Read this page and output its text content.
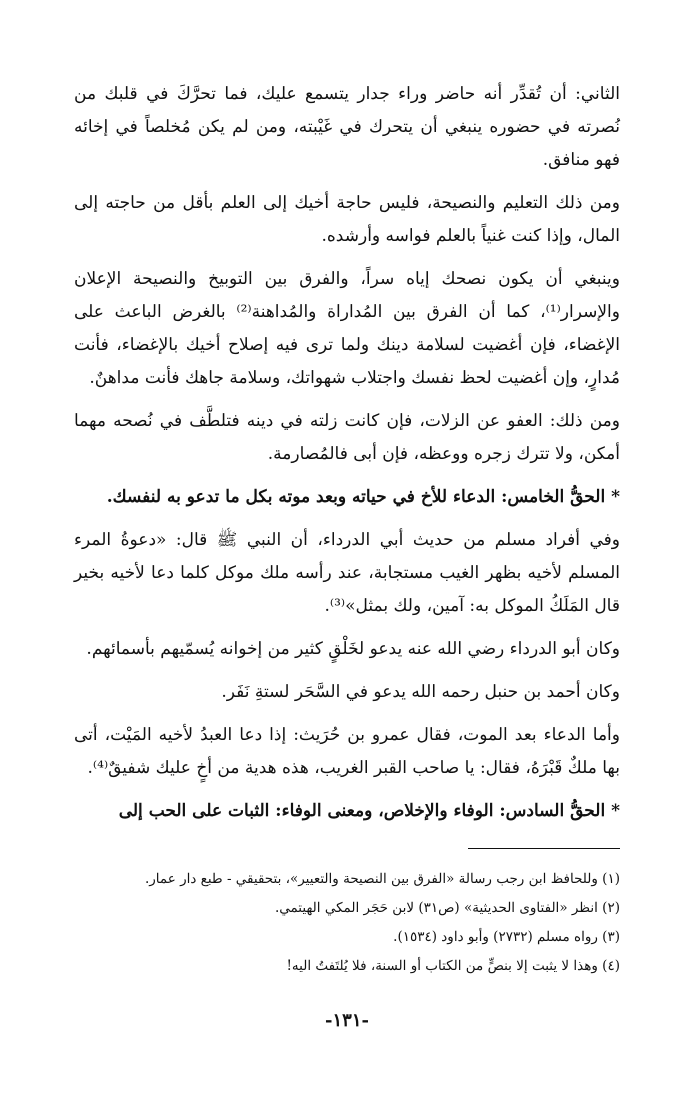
الثاني: أن تُقدِّر أنه حاضر وراء جدار يتسمع عليك، فما تحرَّكَ في قلبك من نُصرته في حضوره ينبغي أن يتحرك في غَيْبته، ومن لم يكن مُخلصاً في إخائه فهو منافق.

ومن ذلك التعليم والنصيحة، فليس حاجة أخيك إلى العلم بأقل من حاجته إلى المال، وإذا كنت غنياً بالعلم فواسه وأرشده.

وينبغي أن يكون نصحك إياه سراً، والفرق بين التوبيخ والنصيحة الإعلان والإسرار⁽¹⁾، كما أن الفرق بين المُداراة والمُداهنة⁽²⁾ بالغرض الباعث على الإغضاء، فإن أغضيت لسلامة دينك ولما ترى فيه إصلاح أخيك بالإغضاء، فأنت مُدارٍ، وإن أغضيت لحظ نفسك واجتلاب شهواتك، وسلامة جاهك فأنت مداهنٌ.

ومن ذلك: العفو عن الزلات، فإن كانت زلته في دينه فتلطَّف في نُصحه مهما أمكن، ولا تترك زجره ووعظه، فإن أبى فالمُصارمة.

* الحقُّ الخامس: الدعاء للأخ في حياته وبعد موته بكل ما تدعو به لنفسك.

وفي أفراد مسلم من حديث أبي الدرداء، أن النبي ﷺ قال: «دعوةُ المرء المسلم لأخيه بظهر الغيب مستجابة، عند رأسه ملك موكل كلما دعا لأخيه بخير قال المَلَكُ الموكل به: آمين، ولك بمثل»⁽³⁾.

وكان أبو الدرداء رضي الله عنه يدعو لخَلْقٍ كثير من إخوانه يُسمّيهم بأسمائهم.

وكان أحمد بن حنبل رحمه الله يدعو في السَّحَر لستةِ نَفَر.

وأما الدعاء بعد الموت، فقال عمرو بن حُرَيث: إذا دعا العبدُ لأخيه المَيْت، أتى بها ملكٌ قَبْرَهُ، فقال: يا صاحب القبر الغريب، هذه هدية من أخٍ عليك شفيقٌ⁽⁴⁾.

* الحقُّ السادس: الوفاء والإخلاص، ومعنى الوفاء: الثبات على الحب إلى

(١) وللحافظ ابن رجب رسالة «الفرق بين النصيحة والتعيير»، بتحقيقي - طبع دار عمار.

(٢) انظر «الفتاوى الحديثية» (ص٣١) لابن حَجَر المكي الهيتمي.

(٣) رواه مسلم (٢٧٣٢) وأبو داود (١٥٣٤).

(٤) وهذا لا يثبت إلا بنصٍّ من الكتاب أو السنة، فلا يُلتَفتُ اليه!

-١٣١-
